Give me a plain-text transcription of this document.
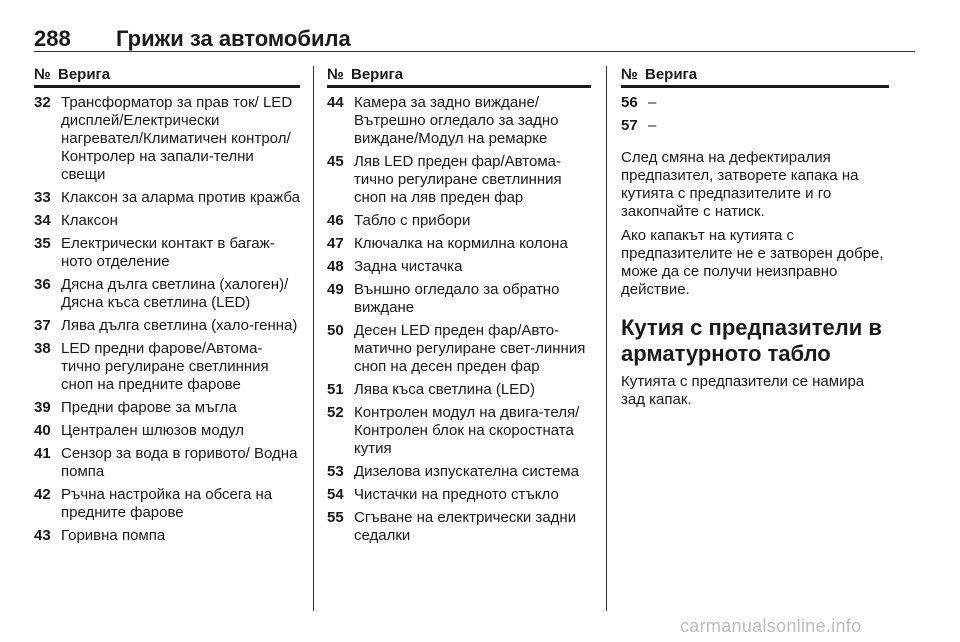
288 Грижи за автомобила
№ Верига
32 Трансформатор за прав ток/ LED дисплей/Електрически нагревател/Климатичен контрол/Контролер на запали-телни свещи
33 Клаксон за аларма против кражба
34 Клаксон
35 Електрически контакт в багаж-ното отделение
36 Дясна дълга светлина (халоген)/Дясна къса светлина (LED)
37 Лява дълга светлина (хало-генна)
38 LED предни фарове/Автома-тично регулиране светлинния сноп на предните фарове
39 Предни фарове за мъгла
40 Централен шлюзов модул
41 Сензор за вода в горивото/ Водна помпа
42 Ръчна настройка на обсега на предните фарове
43 Горивна помпа
№ Верига
44 Камера за задно виждане/ Вътрешно огледало за задно виждане/Модул на ремарке
45 Ляв LED преден фар/Автома-тично регулиране светлинния сноп на ляв преден фар
46 Табло с прибори
47 Ключалка на кормилна колона
48 Задна чистачка
49 Външно огледало за обратно виждане
50 Десен LED преден фар/Авто-матично регулиране свет-линния сноп на десен преден фар
51 Лява къса светлина (LED)
52 Контролен модул на двига-теля/Контролен блок на скоростната кутия
53 Дизелова изпускателна система
54 Чистачки на предното стъкло
55 Сгъване на електрически задни седалки
№ Верига
56 –
57 –

След смяна на дефектиралия предпазител, затворете капака на кутията с предпазителите и го закопчайте с натиск.

Ако капакът на кутията с предпазителите не е затворен добре, може да се получи неизправно действие.

Кутия с предпазители в арматурното табло

Кутията с предпазители се намира зад капак.

carmanualsonline.info
